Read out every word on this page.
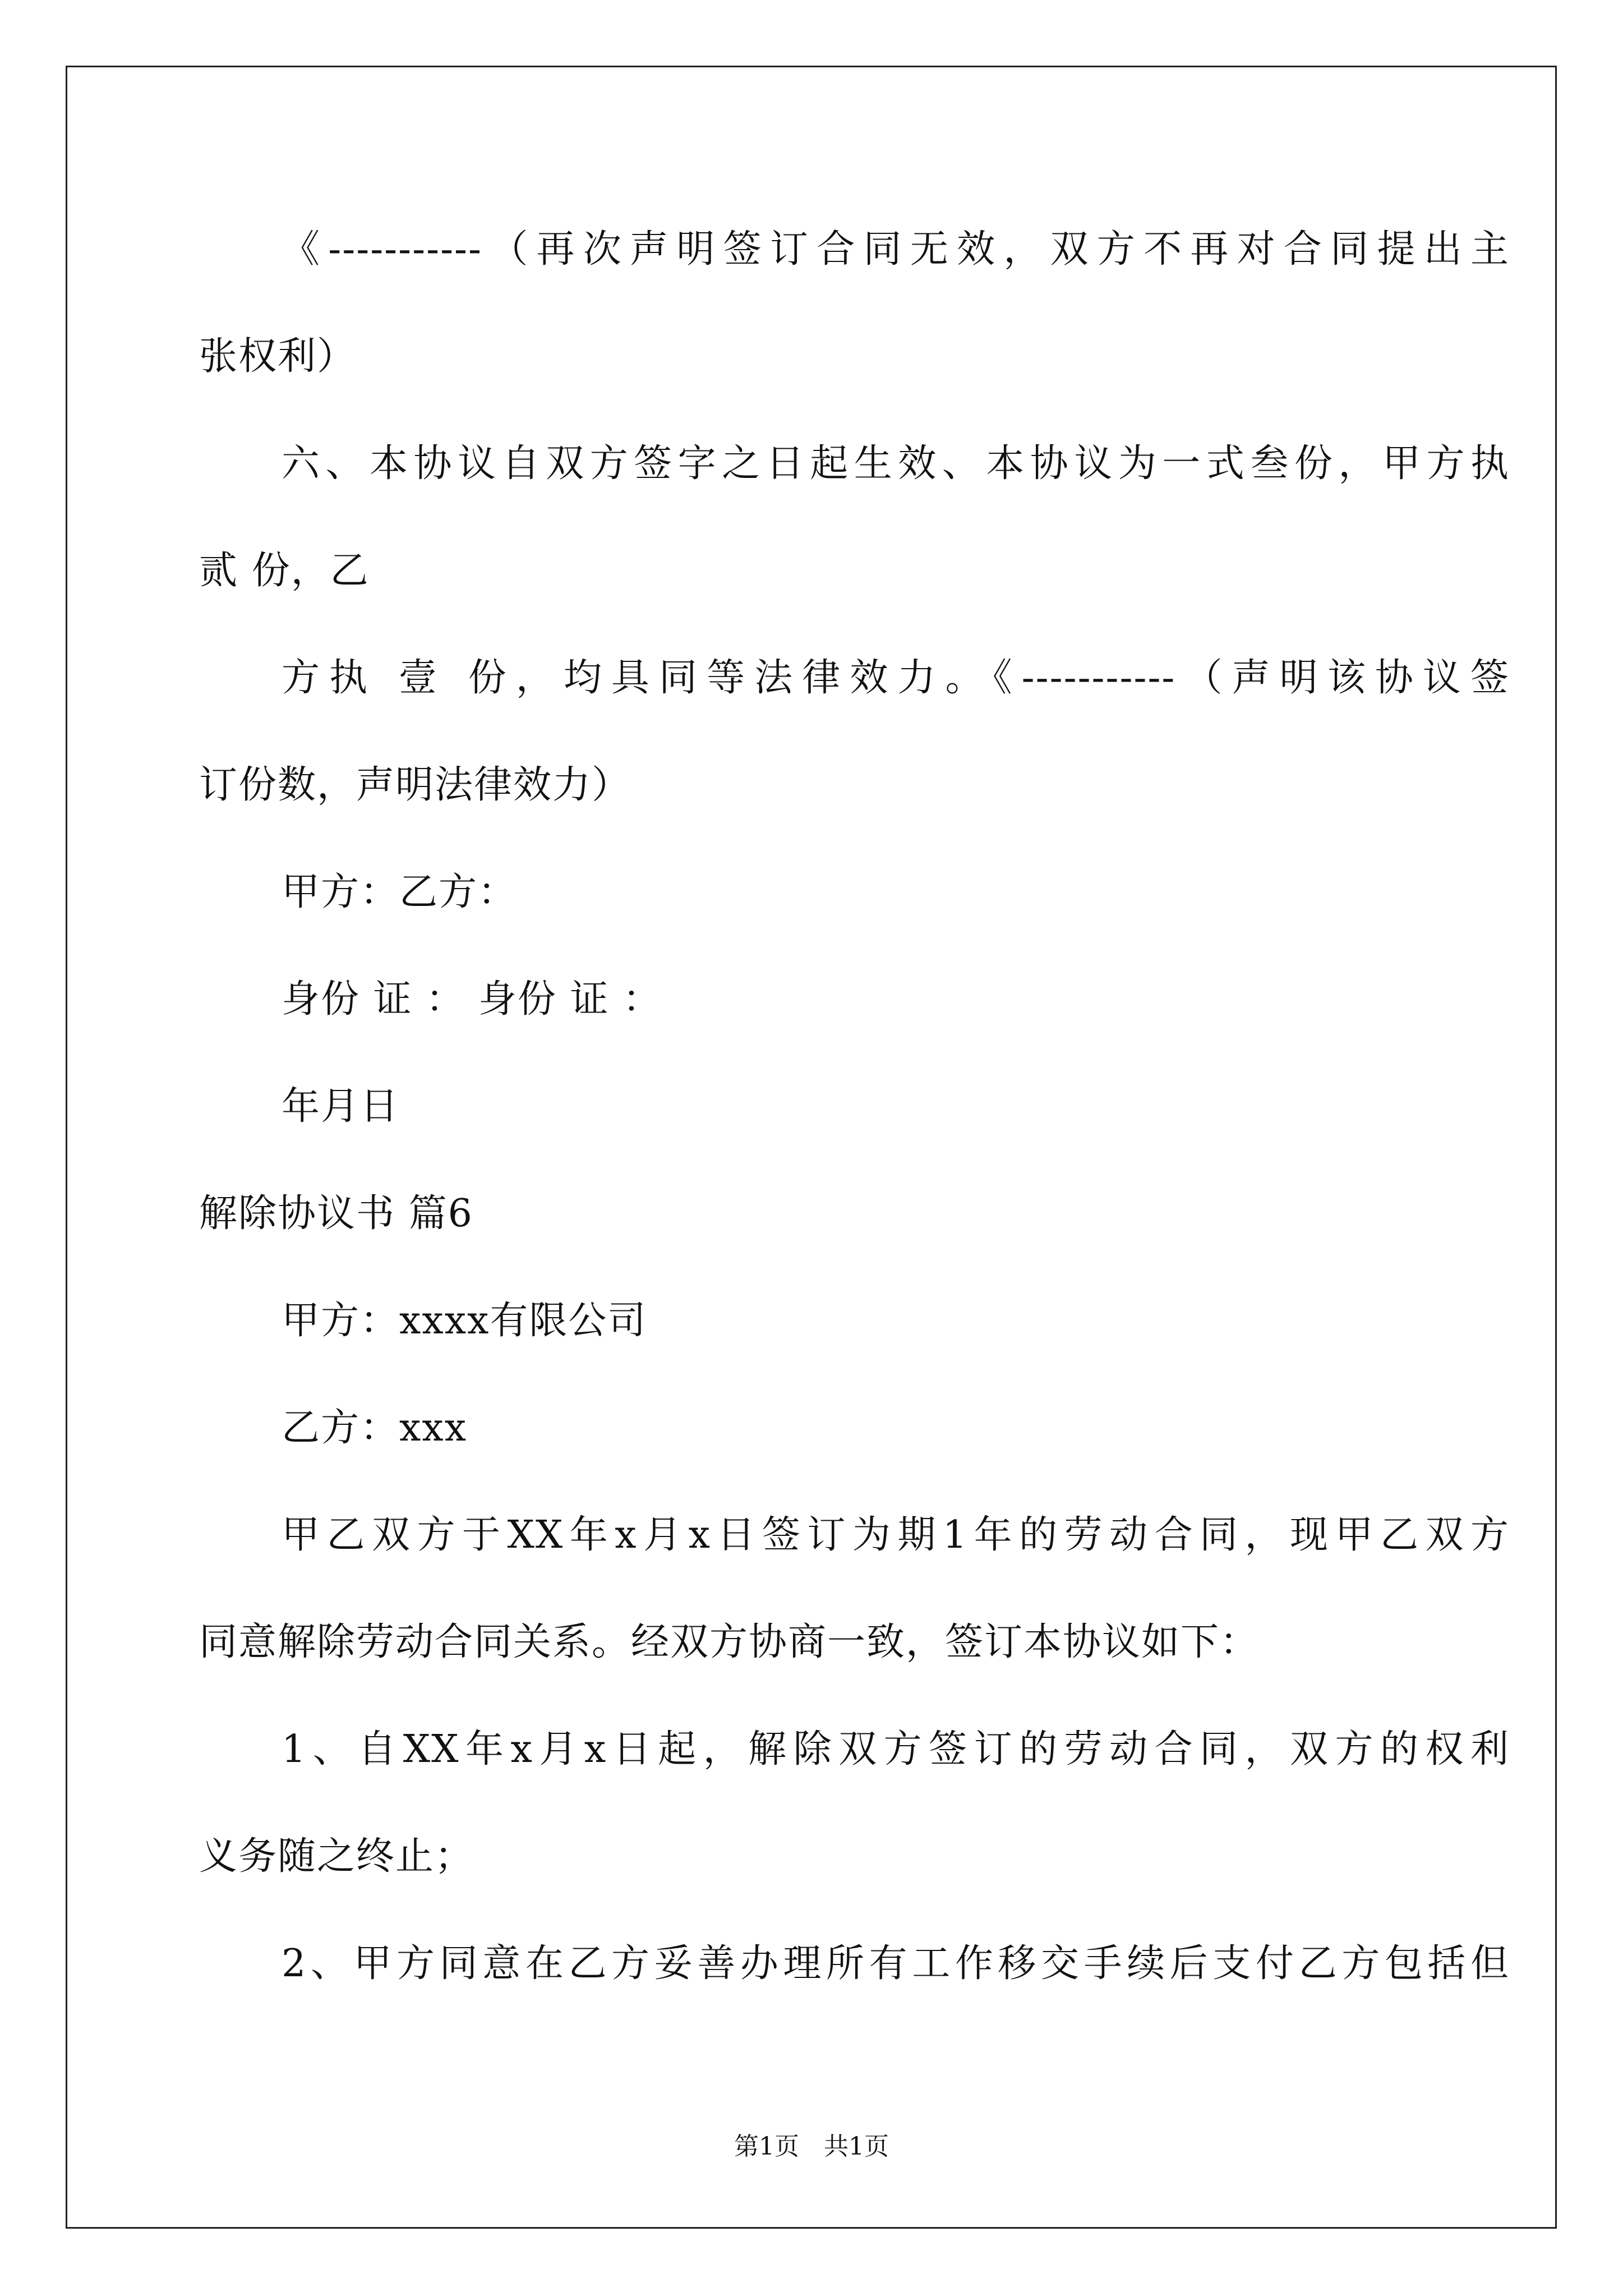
《-----------（再次声明签订合同无效，双方不再对合同提出主
张权利）
六、本协议自双方签字之日起生效、本协议为一式叁份，甲方执
贰 份，乙
方执 壹 份，均具同等法律效力。《-----------（声明该协议签
订份数，声明法律效力）
甲方：乙方：
身份 证 ： 身份 证 ：
年月日
解除协议书 篇6
甲方：xxxx有限公司
乙方：xxx
甲乙双方于XX年x月x日签订为期1年的劳动合同，现甲乙双方
同意解除劳动合同关系。经双方协商一致，签订本协议如下：
1、自XX年x月x日起，解除双方签订的劳动合同，双方的权利
义务随之终止；
2、甲方同意在乙方妥善办理所有工作移交手续后支付乙方包括但
第1页　共1页
